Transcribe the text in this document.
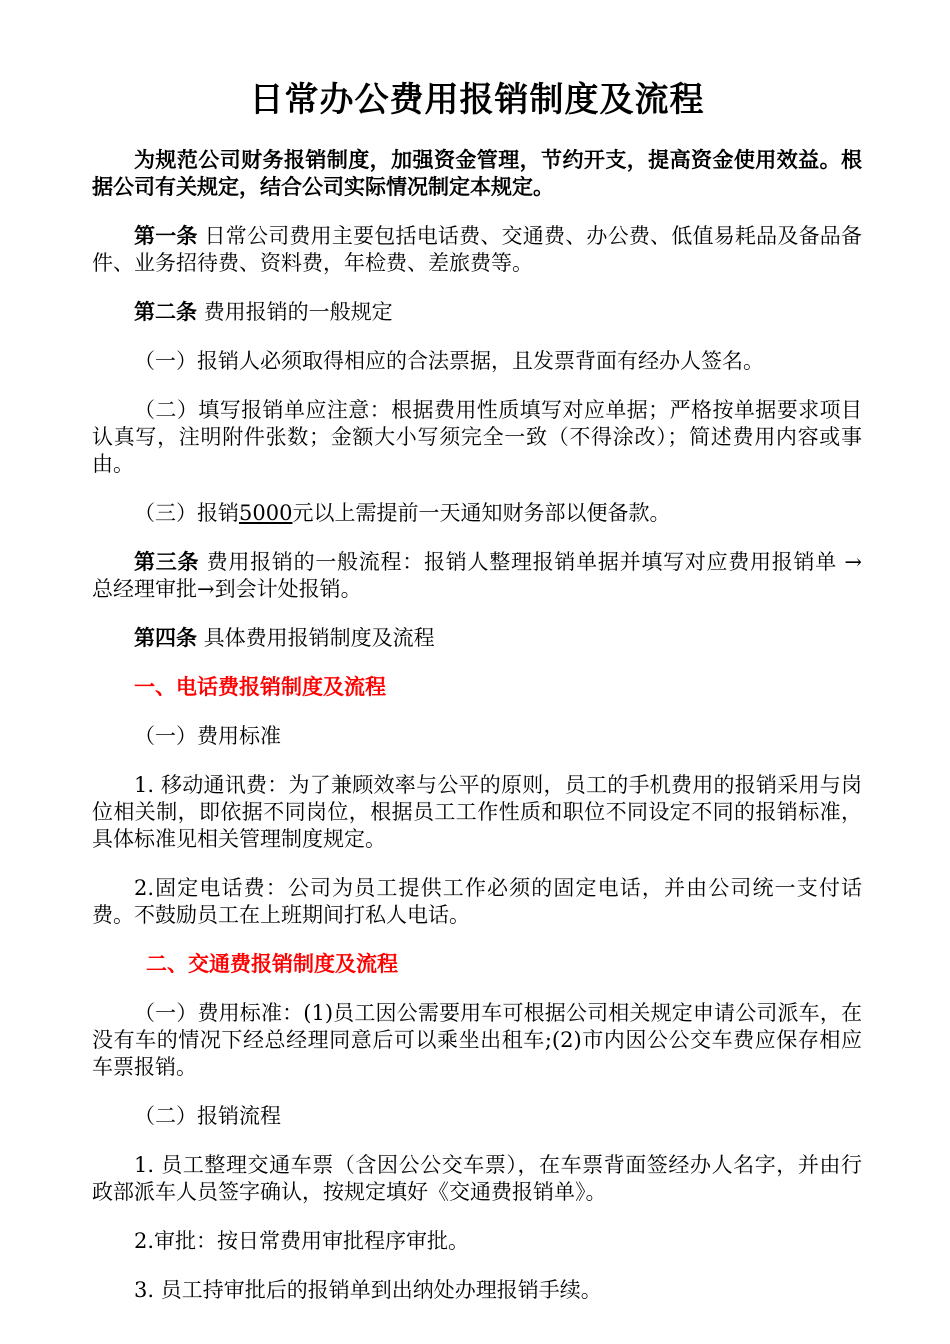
日常办公费用报销制度及流程

为规范公司财务报销制度，加强资金管理，节约开支，提高资金使用效益。根据公司有关规定，结合公司实际情况制定本规定。

第一条 日常公司费用主要包括电话费、交通费、办公费、低值易耗品及备品备件、业务招待费、资料费，年检费、差旅费等。

第二条 费用报销的一般规定

（一）报销人必须取得相应的合法票据，且发票背面有经办人签名。

（二）填写报销单应注意：根据费用性质填写对应单据；严格按单据要求项目认真写，注明附件张数；金额大小写须完全一致（不得涂改）；简述费用内容或事由。

（三）报销5000元以上需提前一天通知财务部以便备款。

第三条 费用报销的一般流程：报销人整理报销单据并填写对应费用报销单 → 总经理审批→到会计处报销。

第四条 具体费用报销制度及流程

一、电话费报销制度及流程

（一）费用标准

1. 移动通讯费：为了兼顾效率与公平的原则，员工的手机费用的报销采用与岗位相关制，即依据不同岗位，根据员工工作性质和职位不同设定不同的报销标准，具体标准见相关管理制度规定。

2.固定电话费：公司为员工提供工作必须的固定电话，并由公司统一支付话费。不鼓励员工在上班期间打私人电话。

二、交通费报销制度及流程

（一）费用标准：(1)员工因公需要用车可根据公司相关规定申请公司派车，在没有车的情况下经总经理同意后可以乘坐出租车;(2)市内因公公交车费应保存相应车票报销。

（二）报销流程

1. 员工整理交通车票（含因公公交车票），在车票背面签经办人名字，并由行政部派车人员签字确认，按规定填好《交通费报销单》。

2.审批：按日常费用审批程序审批。

3. 员工持审批后的报销单到出纳处办理报销手续。
